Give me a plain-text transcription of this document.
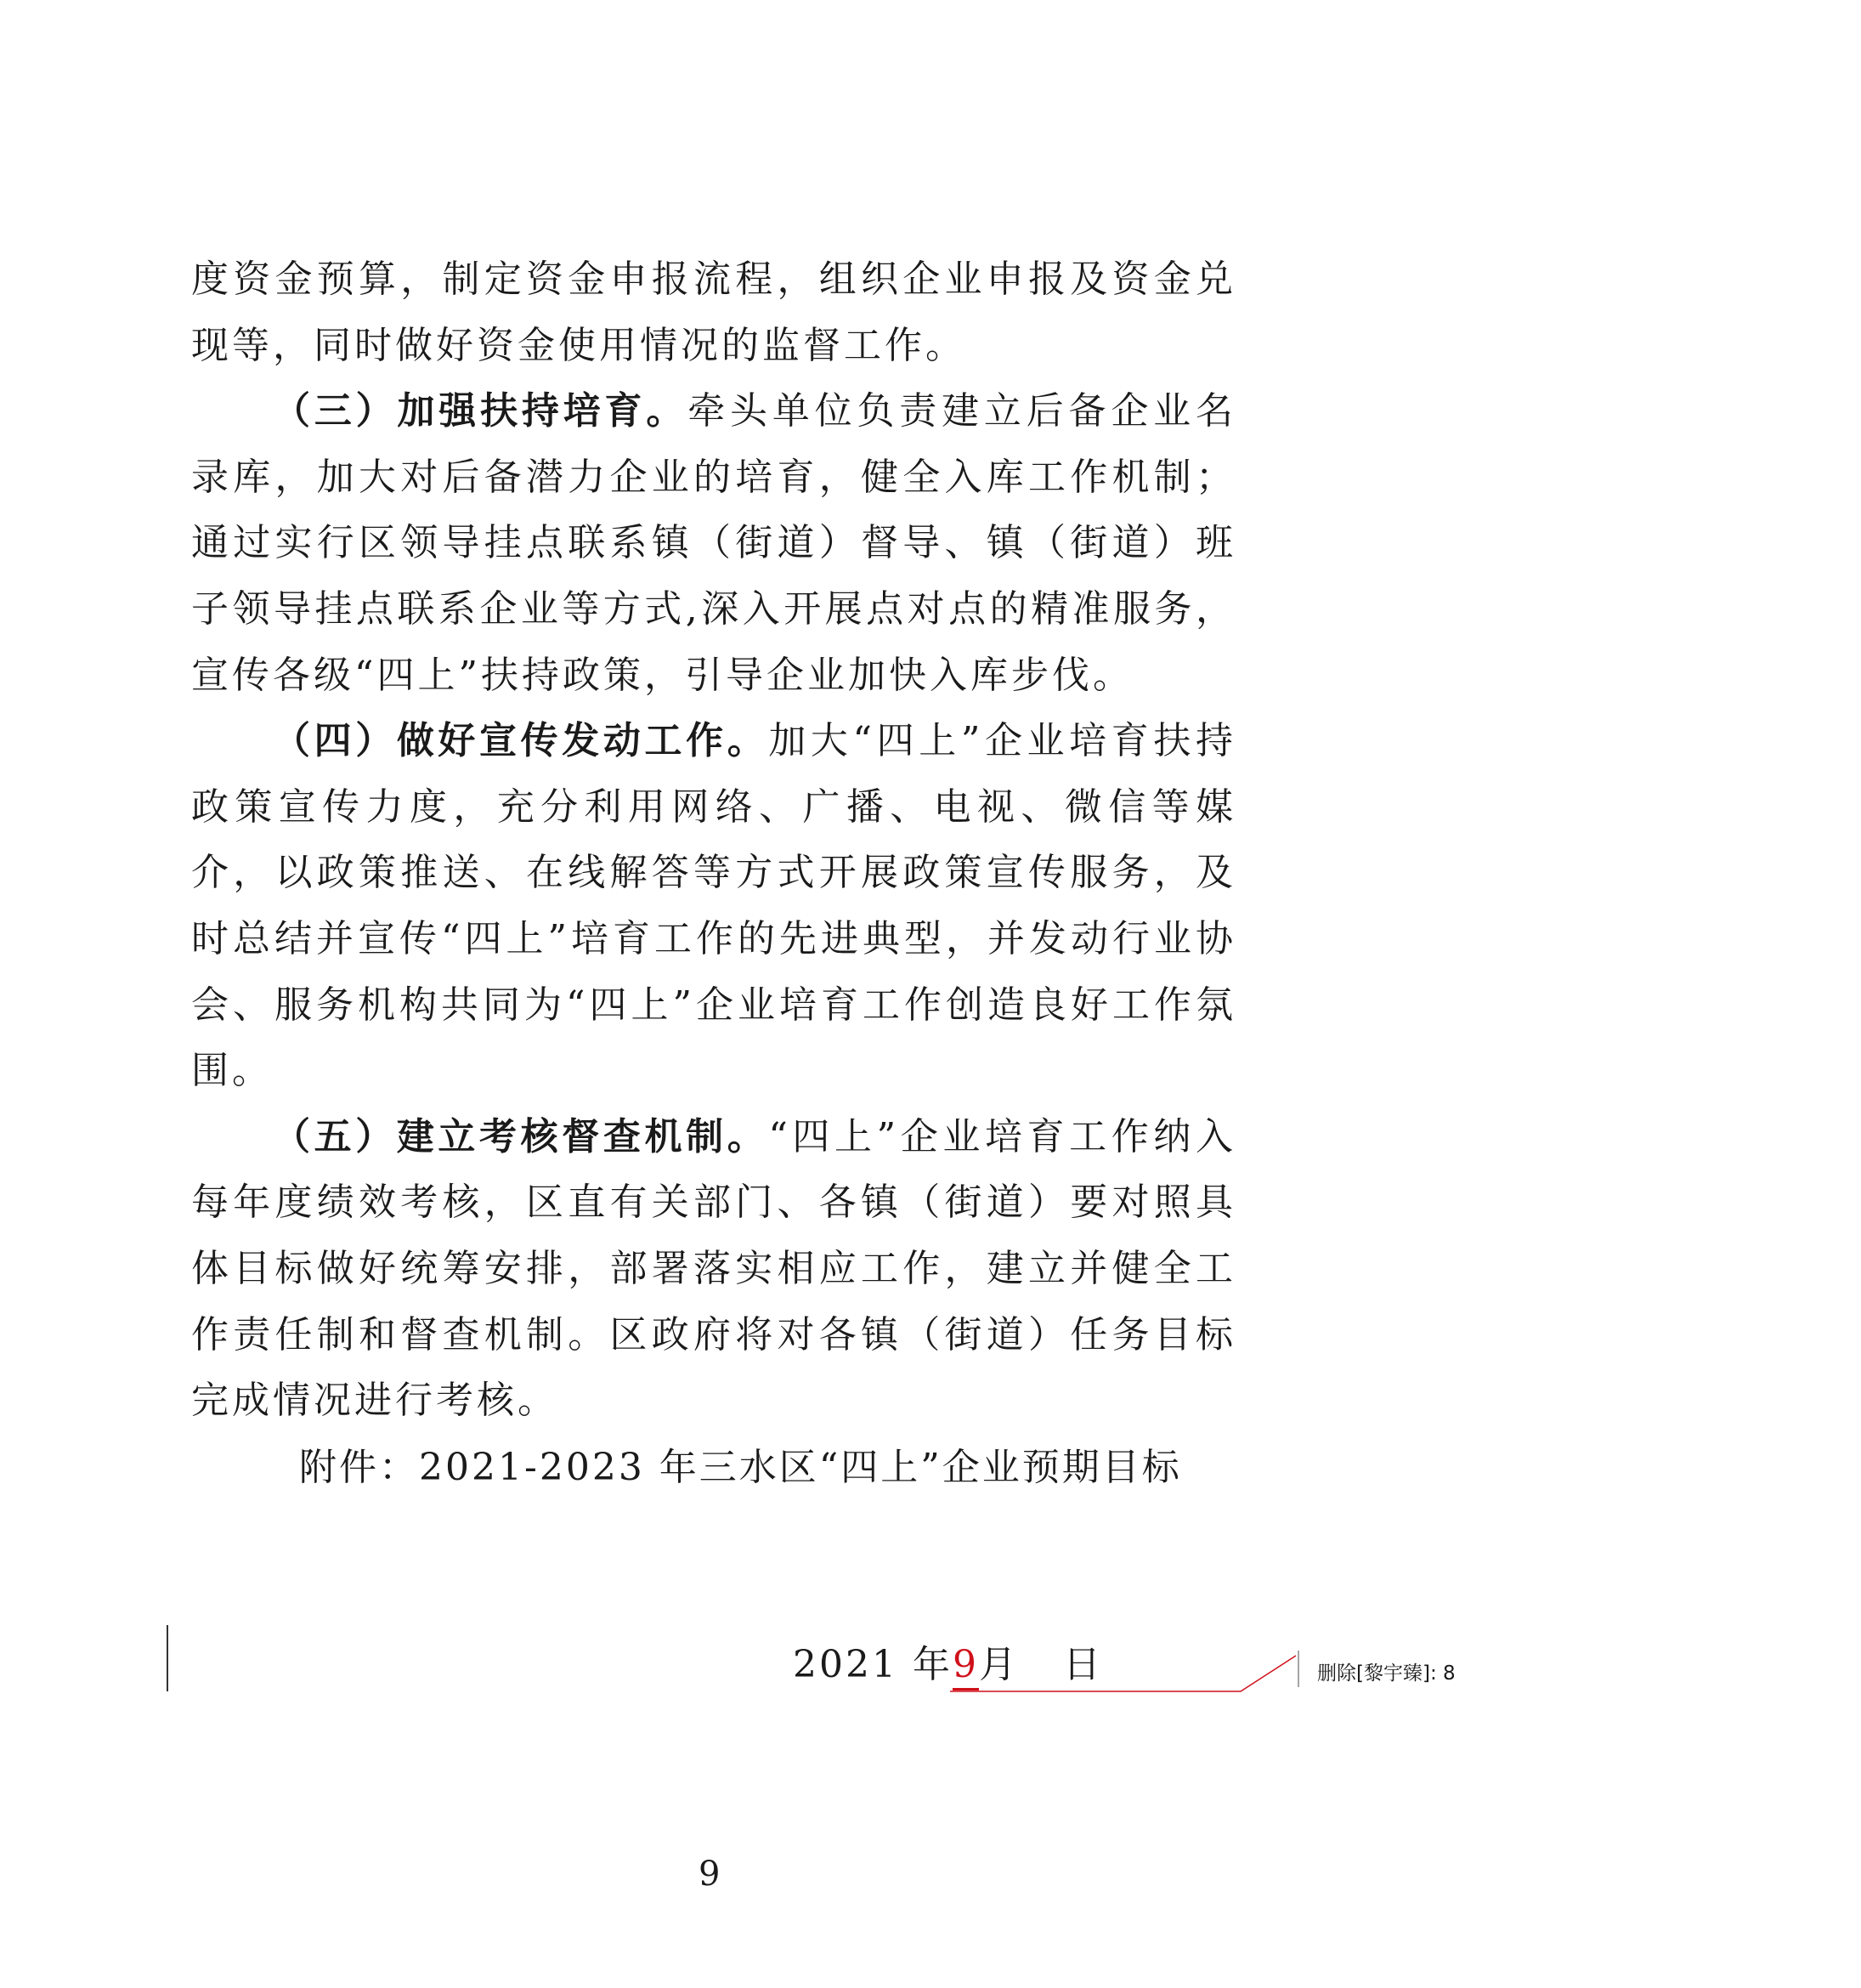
度资金预算，制定资金申报流程，组织企业申报及资金兑现等，同时做好资金使用情况的监督工作。

（三）加强扶持培育。牵头单位负责建立后备企业名录库，加大对后备潜力企业的培育，健全入库工作机制；通过实行区领导挂点联系镇（街道）督导、镇（街道）班子领导挂点联系企业等方式,深入开展点对点的精准服务，宣传各级“四上”扶持政策，引导企业加快入库步伐。

（四）做好宣传发动工作。加大“四上”企业培育扶持政策宣传力度，充分利用网络、广播、电视、微信等媒介，以政策推送、在线解答等方式开展政策宣传服务，及时总结并宣传“四上”培育工作的先进典型，并发动行业协会、服务机构共同为“四上”企业培育工作创造良好工作氛围。

（五）建立考核督查机制。“四上”企业培育工作纳入每年度绩效考核，区直有关部门、各镇（街道）要对照具体目标做好统筹安排，部署落实相应工作，建立并健全工作责任制和督查机制。区政府将对各镇（街道）任务目标完成情况进行考核。

附件：2021-2023 年三水区“四上”企业预期目标
2021 年9月 日	删除[黎宇臻]: 8
9
